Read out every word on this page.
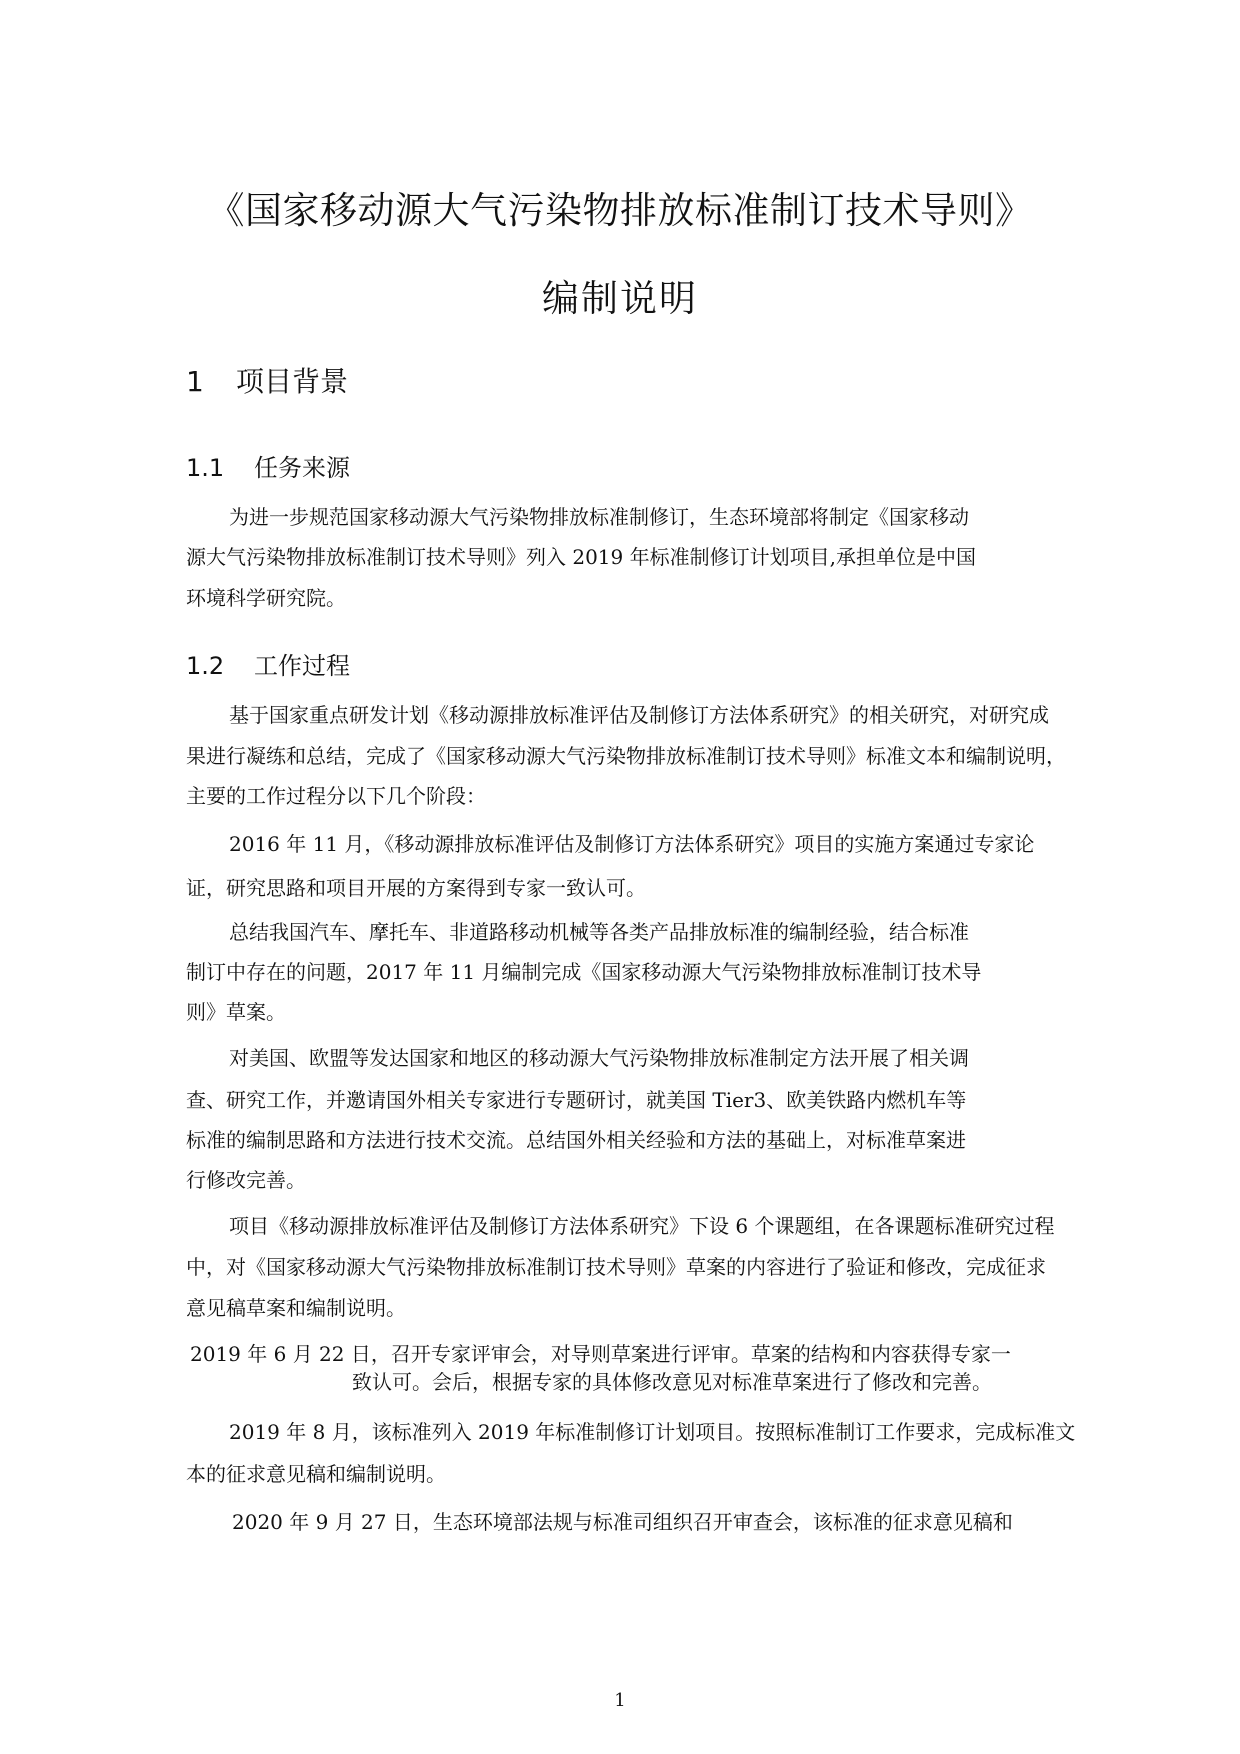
《国家移动源大气污染物排放标准制订技术导则》
编制说明
1 项目背景
1.1 任务来源

为进一步规范国家移动源大气污染物排放标准制修订，生态环境部将制定《国家移动

源大气污染物排放标准制订技术导则》列入 2019 年标准制修订计划项目,承担单位是中国

环境科学研究院。

1.2 工作过程

基于国家重点研发计划《移动源排放标准评估及制修订方法体系研究》的相关研究，对研究成

果进行凝练和总结，完成了《国家移动源大气污染物排放标准制订技术导则》标准文本和编制说明，

主要的工作过程分以下几个阶段：

2016 年 11 月，《移动源排放标准评估及制修订方法体系研究》项目的实施方案通过专家论

证，研究思路和项目开展的方案得到专家一致认可。

总结我国汽车、摩托车、非道路移动机械等各类产品排放标准的编制经验，结合标准

制订中存在的问题，2017 年 11 月编制完成《国家移动源大气污染物排放标准制订技术导

则》草案。

对美国、欧盟等发达国家和地区的移动源大气污染物排放标准制定方法开展了相关调

查、研究工作，并邀请国外相关专家进行专题研讨，就美国 Tier3、欧美铁路内燃机车等

标准的编制思路和方法进行技术交流。总结国外相关经验和方法的基础上，对标准草案进

行修改完善。

项目《移动源排放标准评估及制修订方法体系研究》下设 6 个课题组，在各课题标准研究过程

中，对《国家移动源大气污染物排放标准制订技术导则》草案的内容进行了验证和修改，完成征求

意见稿草案和编制说明。

2019 年 6 月 22 日，召开专家评审会，对导则草案进行评审。草案的结构和内容获得专家一

致认可。会后，根据专家的具体修改意见对标准草案进行了修改和完善。

2019 年 8 月，该标准列入 2019 年标准制修订计划项目。按照标准制订工作要求，完成标准文

本的征求意见稿和编制说明。

2020 年 9 月 27 日，生态环境部法规与标准司组织召开审查会，该标准的征求意见稿和

1
